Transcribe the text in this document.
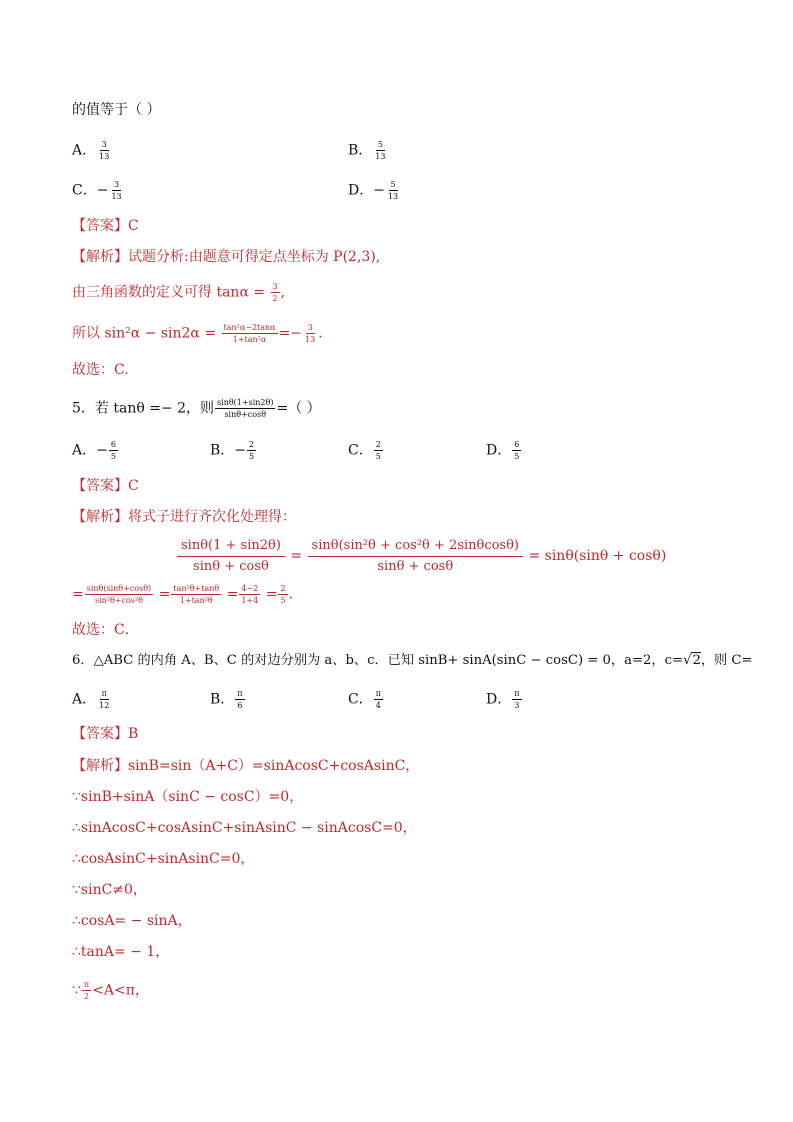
的值等于（ ）
A． $\frac{3}{13}$	B． $\frac{5}{13}$
C．− $\frac{3}{13}$	D．− $\frac{5}{13}$
【答案】C
【解析】试题分析:由题意可得定点坐标为 P(2,3),
由三角函数的定义可得 $\tan\alpha = \frac{3}{2}$ ,
所以 $\sin^2\alpha - \sin 2\alpha = \frac{\text{tan²α−2tanα}}{\text{1+tan²α}} =- \frac{3}{13}$ .
故选：C.
5．若 tanθ =− 2，则 $\frac{\sin\theta(1+\sin 2\theta)}{\sin\theta+\cos\theta}$ =（ ）
A．− $\frac{6}{5}$	B．− $\frac{2}{5}$	C． $\frac{2}{5}$	D． $\frac{6}{5}$
【答案】C
【解析】将式子进行齐次化处理得：
$\frac{\sin\theta(1 + \sin 2\theta)}{\sin\theta + \cos\theta} = \frac{\text{sinθ(sin²θ + cos²θ + 2sinθcosθ)}}{\sin\theta + \cos\theta} = \sin\theta(\sin\theta + \cos\theta)$
= $\frac{\sin\theta(\sin\theta+\cos\theta)}{\text{sin²θ+cos²θ}} = \frac{\text{tan²θ+tanθ}}{\text{1+tan²θ}} = \frac{4-2}{1+4} = \frac{2}{5}$ .
故选：C．
6．△ABC 的内角 A、B、C 的对边分别为 a、b、c．已知 sinB+ sinA(sinC − cosC) = 0，a=2，c=√2，则 C=
A． $\frac{\pi}{12}$	B． $\frac{\pi}{6}$	C． $\frac{\pi}{4}$	D． $\frac{\pi}{3}$
【答案】B
【解析】sinB=sin（A+C）=sinAcosC+cosAsinC，
∵sinB+sinA（sinC − cosC）=0，
∴sinAcosC+cosAsinC+sinAsinC − sinAcosC=0，
∴cosAsinC+sinAsinC=0，
∵sinC≠0，
∴cosA= − sinA，
∴tanA= − 1，
∵ $\frac{\pi}{2} <A<\pi$，
